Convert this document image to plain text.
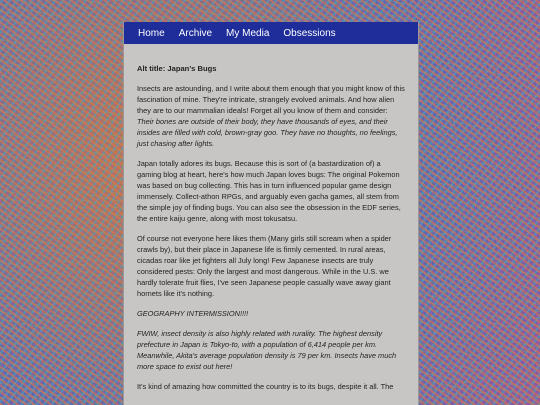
Home Archive My Media Obsessions
Alt title: Japan's Bugs

Insects are astounding, and I write about them enough that you might know of this fascination of mine. They're intricate, strangely evolved animals. And how alien they are to our mammalian ideals! Forget all you know of them and consider: Their bones are outside of their body, they have thousands of eyes, and their insides are filled with cold, brown-gray goo. They have no thoughts, no feelings, just chasing after lights.

Japan totally adores its bugs. Because this is sort of (a bastardization of) a gaming blog at heart, here's how much Japan loves bugs: The original Pokemon was based on bug collecting. This has in turn influenced popular game design immensely. Collect-athon RPGs, and arguably even gacha games, all stem from the simple joy of finding bugs. You can also see the obsession in the EDF series, the entire kaiju genre, along with most tokusatsu.

Of course not everyone here likes them (Many girls still scream when a spider crawls by), but their place in Japanese life is firmly cemented. In rural areas, cicadas roar like jet fighters all July long! Few Japanese insects are truly considered pests: Only the largest and most dangerous. While in the U.S. we hardly tolerate fruit flies, I've seen Japanese people casually wave away giant hornets like it's nothing.

GEOGRAPHY INTERMISSION!!!!

FWIW, insect density is also highly related with rurality. The highest density prefecture in Japan is Tokyo-to, with a population of 6,414 people per km. Meanwhile, Akita's average population density is 79 per km. Insects have much more space to exist out here!

It's kind of amazing how committed the country is to its bugs, despite it all. The
